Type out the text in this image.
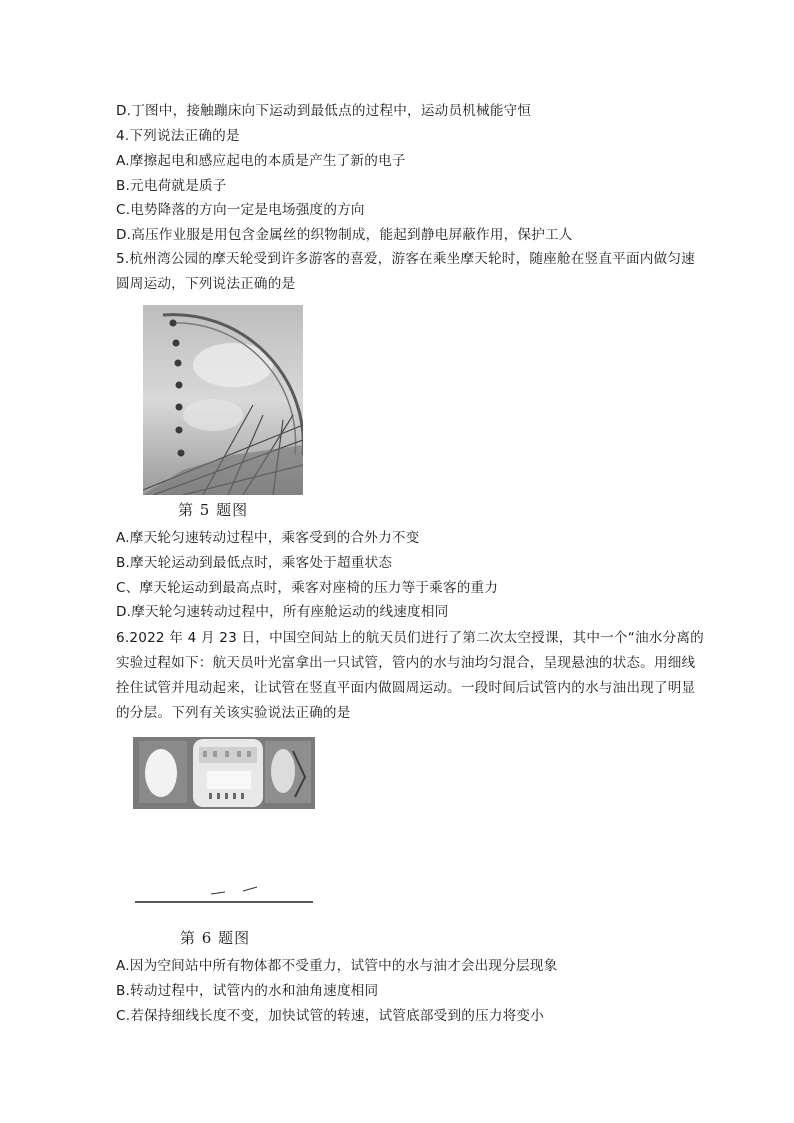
D.丁图中，接触蹦床向下运动到最低点的过程中，运动员机械能守恒
4.下列说法正确的是
A.摩擦起电和感应起电的本质是产生了新的电子
B.元电荷就是质子
C.电势降落的方向一定是电场强度的方向
D.高压作业服是用包含金属丝的织物制成，能起到静电屏蔽作用，保护工人
5.杭州湾公园的摩天轮受到许多游客的喜爱，游客在乘坐摩天轮时，随座舱在竖直平面内做匀速
圆周运动，下列说法正确的是
第 5 题图
A.摩天轮匀速转动过程中，乘客受到的合外力不变
B.摩天轮运动到最低点时，乘客处于超重状态
C、摩天轮运动到最高点时，乘客对座椅的压力等于乘客的重力
D.摩天轮匀速转动过程中，所有座舱运动的线速度相同
6.2022 年 4 月 23 日，中国空间站上的航天员们进行了第二次太空授课，其中一个“油水分离的
实验过程如下：航天员叶光富拿出一只试管，管内的水与油均匀混合，呈现悬浊的状态。用细线
拴住试管并甩动起来，让试管在竖直平面内做圆周运动。一段时间后试管内的水与油出现了明显
的分层。下列有关该实验说法正确的是
第 6 题图
A.因为空间站中所有物体都不受重力，试管中的水与油才会出现分层现象
B.转动过程中，试管内的水和油角速度相同
C.若保持细线长度不变，加快试管的转速，试管底部受到的压力将变小
